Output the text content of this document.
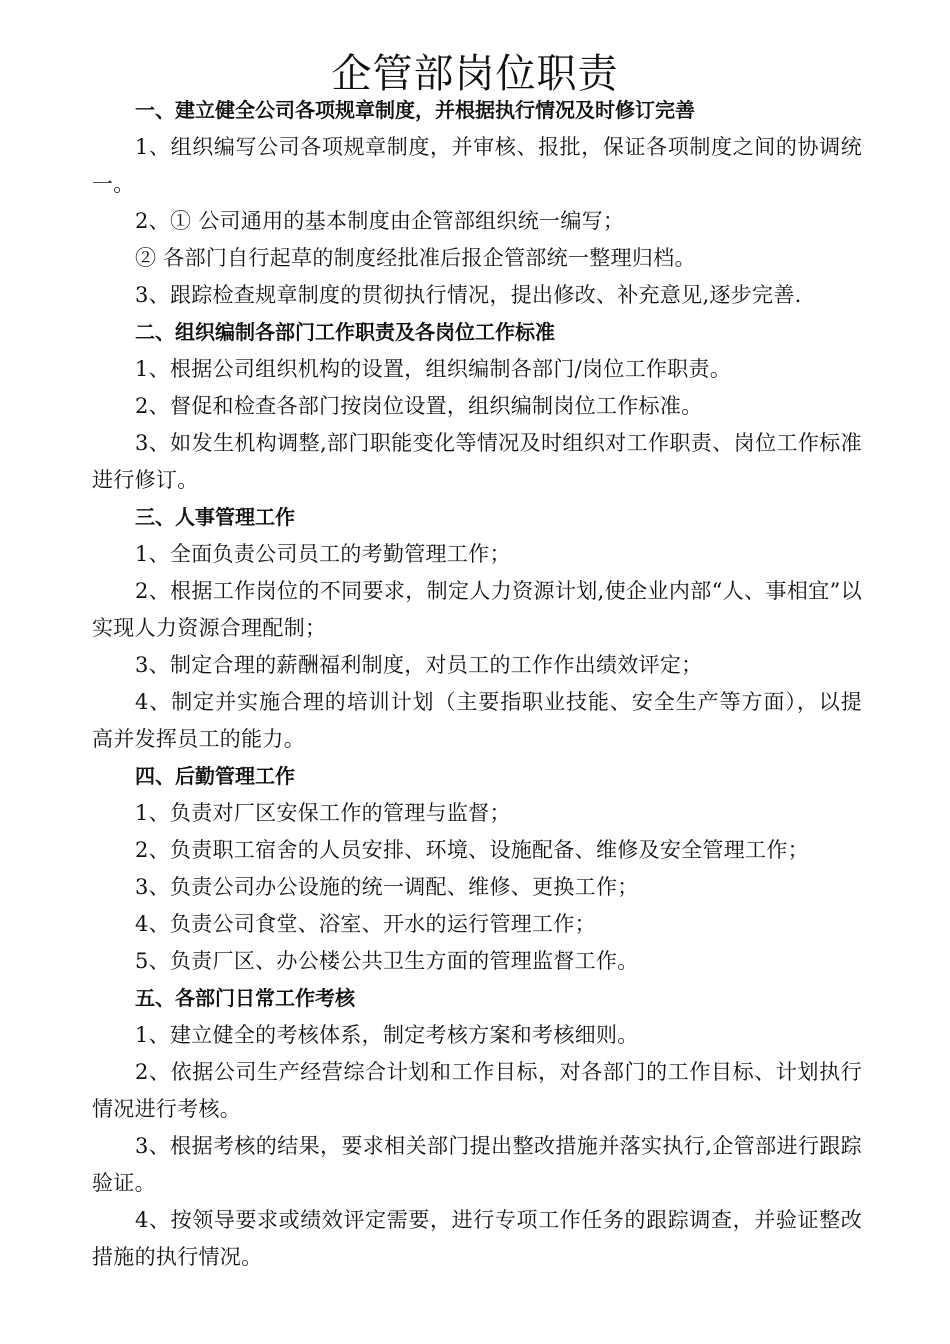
企管部岗位职责

一、建立健全公司各项规章制度，并根据执行情况及时修订完善

1、组织编写公司各项规章制度，并审核、报批，保证各项制度之间的协调统一。

2、① 公司通用的基本制度由企管部组织统一编写；

② 各部门自行起草的制度经批准后报企管部统一整理归档。

3、跟踪检查规章制度的贯彻执行情况，提出修改、补充意见,逐步完善.

二、组织编制各部门工作职责及各岗位工作标准

1、根据公司组织机构的设置，组织编制各部门/岗位工作职责。

2、督促和检查各部门按岗位设置，组织编制岗位工作标准。

3、如发生机构调整,部门职能变化等情况及时组织对工作职责、岗位工作标准进行修订。

三、人事管理工作

1、全面负责公司员工的考勤管理工作；

2、根据工作岗位的不同要求，制定人力资源计划,使企业内部“人、事相宜”以实现人力资源合理配制；

3、制定合理的薪酬福利制度，对员工的工作作出绩效评定；

4、制定并实施合理的培训计划（主要指职业技能、安全生产等方面），以提高并发挥员工的能力。

四、后勤管理工作

1、负责对厂区安保工作的管理与监督；

2、负责职工宿舍的人员安排、环境、设施配备、维修及安全管理工作；

3、负责公司办公设施的统一调配、维修、更换工作；

4、负责公司食堂、浴室、开水的运行管理工作；

5、负责厂区、办公楼公共卫生方面的管理监督工作。

五、各部门日常工作考核

1、建立健全的考核体系，制定考核方案和考核细则。

2、依据公司生产经营综合计划和工作目标，对各部门的工作目标、计划执行情况进行考核。

3、根据考核的结果，要求相关部门提出整改措施并落实执行,企管部进行跟踪验证。

4、按领导要求或绩效评定需要，进行专项工作任务的跟踪调查，并验证整改措施的执行情况。
